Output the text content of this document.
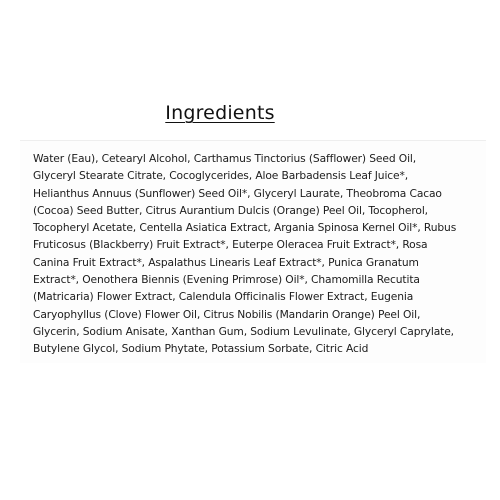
Ingredients

Water (Eau), Cetearyl Alcohol, Carthamus Tinctorius (Safflower) Seed Oil,
Glyceryl Stearate Citrate, Cocoglycerides, Aloe Barbadensis Leaf Juice*,
Helianthus Annuus (Sunflower) Seed Oil*, Glyceryl Laurate, Theobroma Cacao
(Cocoa) Seed Butter, Citrus Aurantium Dulcis (Orange) Peel Oil, Tocopherol,
Tocopheryl Acetate, Centella Asiatica Extract, Argania Spinosa Kernel Oil*, Rubus
Fruticosus (Blackberry) Fruit Extract*, Euterpe Oleracea Fruit Extract*, Rosa
Canina Fruit Extract*, Aspalathus Linearis Leaf Extract*, Punica Granatum
Extract*, Oenothera Biennis (Evening Primrose) Oil*, Chamomilla Recutita
(Matricaria) Flower Extract, Calendula Officinalis Flower Extract, Eugenia
Caryophyllus (Clove) Flower Oil, Citrus Nobilis (Mandarin Orange) Peel Oil,
Glycerin, Sodium Anisate, Xanthan Gum, Sodium Levulinate, Glyceryl Caprylate,
Butylene Glycol, Sodium Phytate, Potassium Sorbate, Citric Acid
